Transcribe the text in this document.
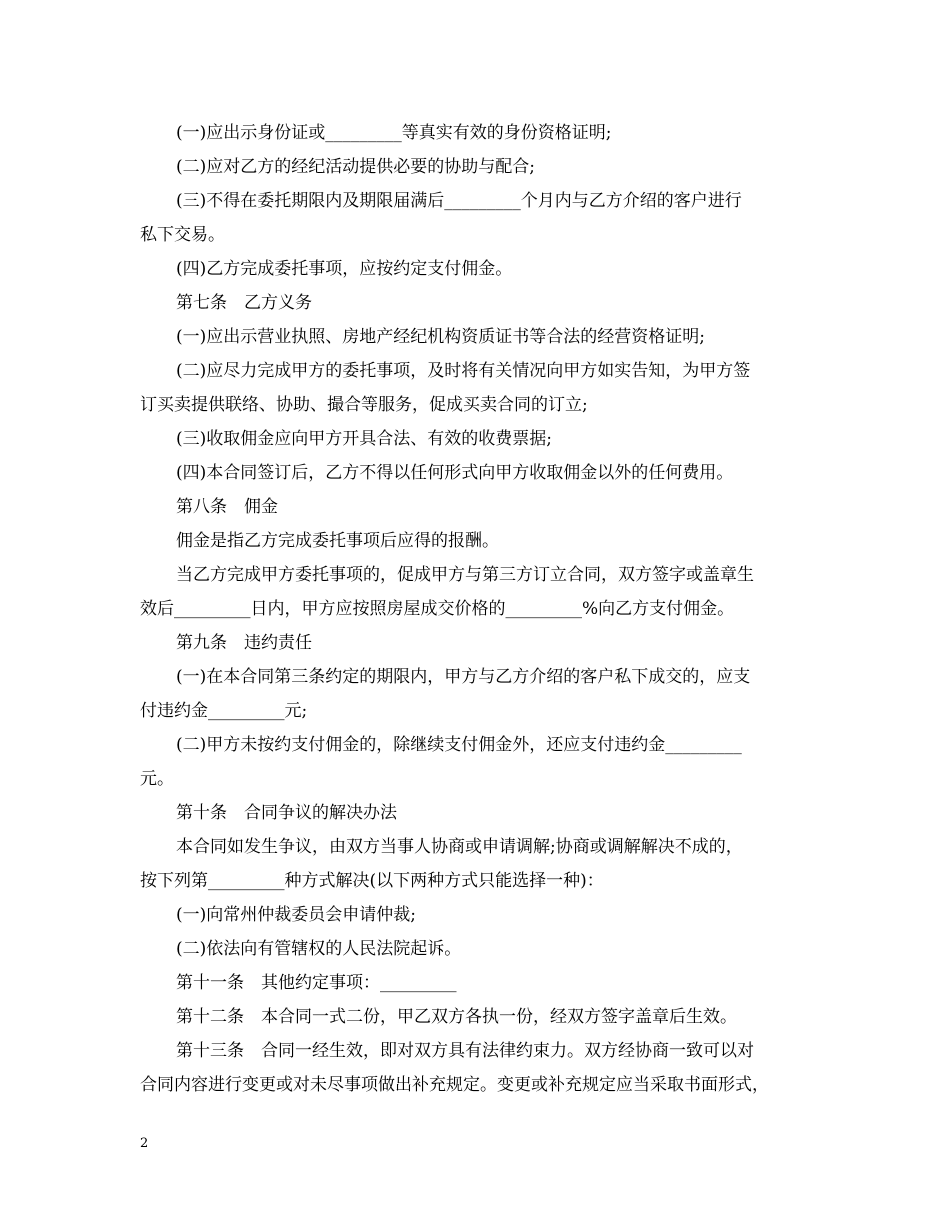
(一)应出示身份证或_________等真实有效的身份资格证明;

(二)应对乙方的经纪活动提供必要的协助与配合;

(三)不得在委托期限内及期限届满后_________个月内与乙方介绍的客户进行

私下交易。

(四)乙方完成委托事项，应按约定支付佣金。

第七条　乙方义务

(一)应出示营业执照、房地产经纪机构资质证书等合法的经营资格证明;

(二)应尽力完成甲方的委托事项，及时将有关情况向甲方如实告知，为甲方签

订买卖提供联络、协助、撮合等服务，促成买卖合同的订立;

(三)收取佣金应向甲方开具合法、有效的收费票据;

(四)本合同签订后，乙方不得以任何形式向甲方收取佣金以外的任何费用。

第八条　佣金

佣金是指乙方完成委托事项后应得的报酬。

当乙方完成甲方委托事项的，促成甲方与第三方订立合同，双方签字或盖章生

效后_________日内，甲方应按照房屋成交价格的_________%向乙方支付佣金。

第九条　违约责任

(一)在本合同第三条约定的期限内，甲方与乙方介绍的客户私下成交的，应支

付违约金_________元;

(二)甲方未按约支付佣金的，除继续支付佣金外，还应支付违约金_________

元。

第十条　合同争议的解决办法

本合同如发生争议，由双方当事人协商或申请调解;协商或调解解决不成的，

按下列第_________种方式解决(以下两种方式只能选择一种)：

(一)向常州仲裁委员会申请仲裁;

(二)依法向有管辖权的人民法院起诉。

第十一条　其他约定事项：_________

第十二条　本合同一式二份，甲乙双方各执一份，经双方签字盖章后生效。

第十三条　合同一经生效，即对双方具有法律约束力。双方经协商一致可以对

合同内容进行变更或对未尽事项做出补充规定。变更或补充规定应当采取书面形式，

2
